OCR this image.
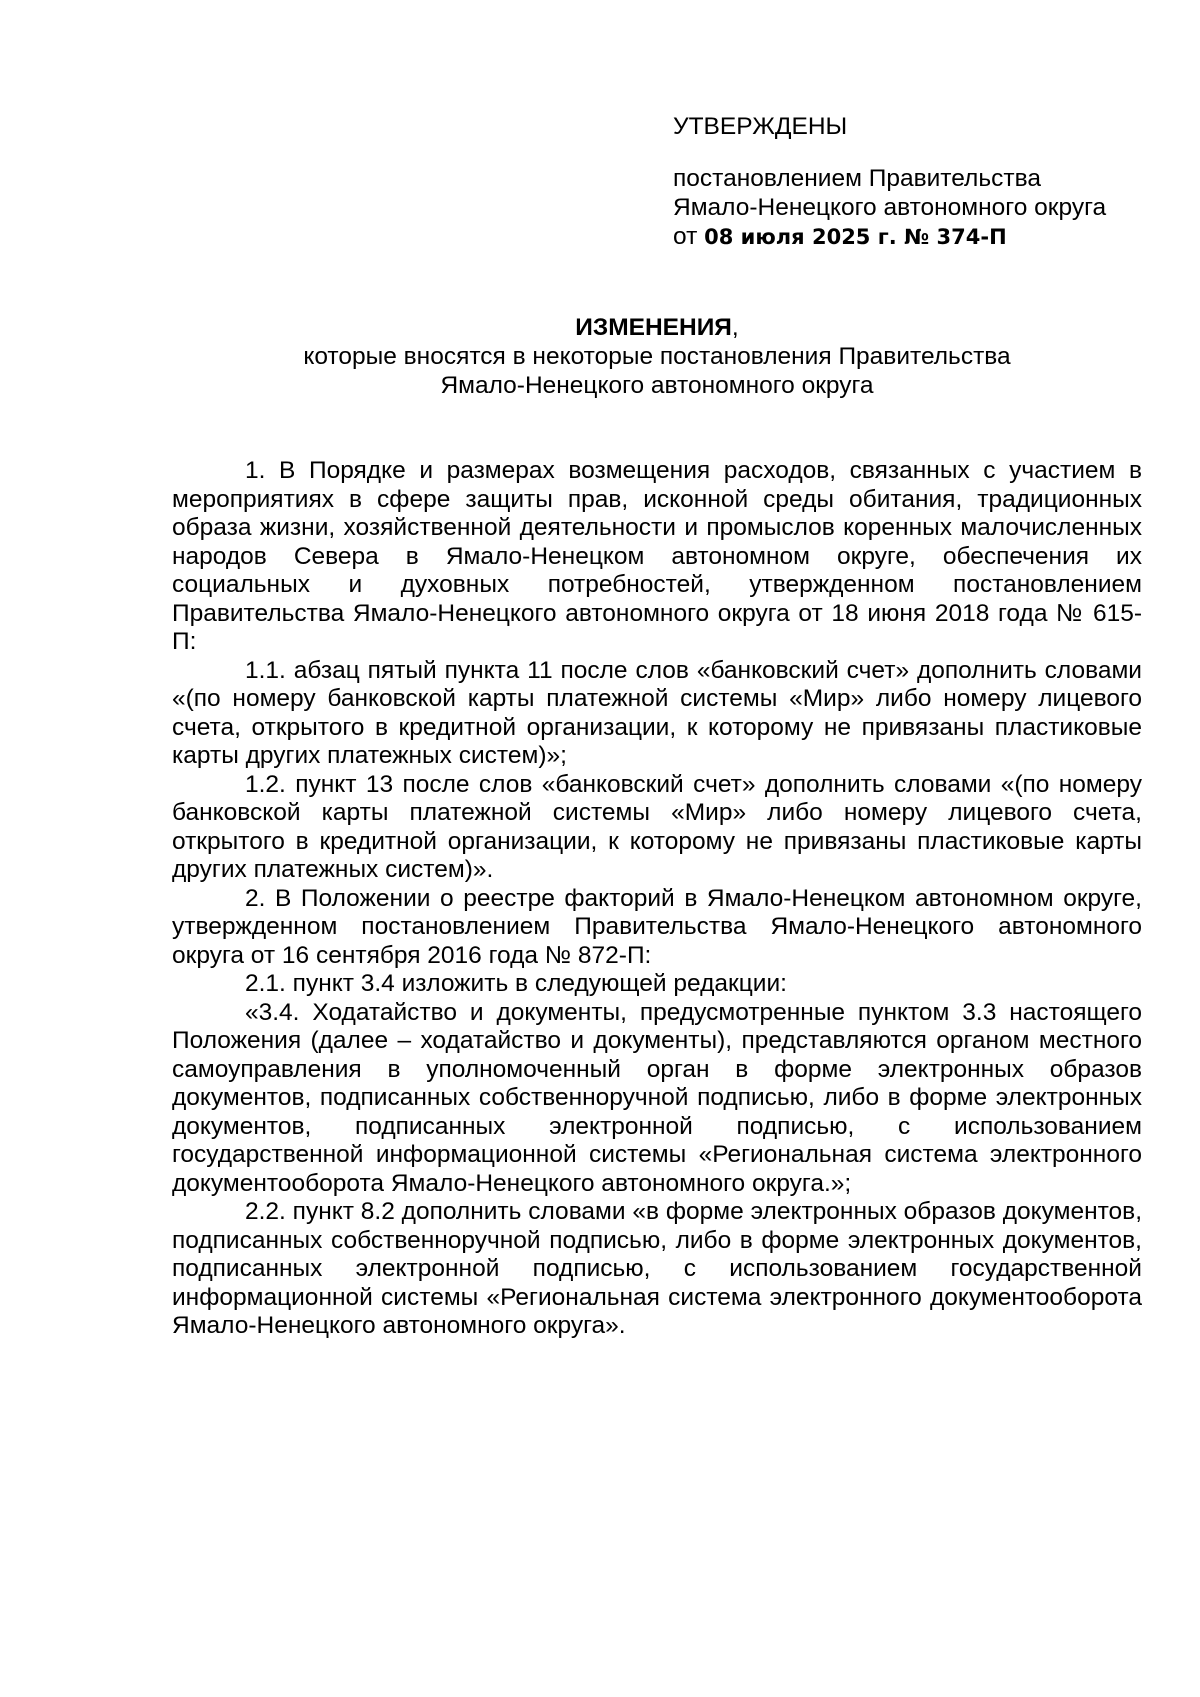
УТВЕРЖДЕНЫ
постановлением Правительства
Ямало-Ненецкого автономного округа
от 08 июля 2025 г. № 374-П
ИЗМЕНЕНИЯ,
которые вносятся в некоторые постановления Правительства
Ямало-Ненецкого автономного округа

1. В Порядке и размерах возмещения расходов, связанных с участием в мероприятиях в сфере защиты прав, исконной среды обитания, традиционных образа жизни, хозяйственной деятельности и промыслов коренных малочисленных народов Севера в Ямало-Ненецком автономном округе, обеспечения их социальных и духовных потребностей, утвержденном постановлением Правительства Ямало-Ненецкого автономного округа от 18 июня 2018 года № 615-П:

1.1. абзац пятый пункта 11 после слов «банковский счет» дополнить словами «(по номеру банковской карты платежной системы «Мир» либо номеру лицевого счета, открытого в кредитной организации, к которому не привязаны пластиковые карты других платежных систем)»;

1.2. пункт 13 после слов «банковский счет» дополнить словами «(по номеру банковской карты платежной системы «Мир» либо номеру лицевого счета, открытого в кредитной организации, к которому не привязаны пластиковые карты других платежных систем)».

2. В Положении о реестре факторий в Ямало-Ненецком автономном округе, утвержденном постановлением Правительства Ямало-Ненецкого автономного округа от 16 сентября 2016 года № 872-П:

2.1. пункт 3.4 изложить в следующей редакции:

«3.4. Ходатайство и документы, предусмотренные пунктом 3.3 настоящего Положения (далее – ходатайство и документы), представляются органом местного самоуправления в уполномоченный орган в форме электронных образов документов, подписанных собственноручной подписью, либо в форме электронных документов, подписанных электронной подписью, с использованием государственной информационной системы «Региональная система электронного документооборота Ямало-Ненецкого автономного округа.»;

2.2. пункт 8.2 дополнить словами «в форме электронных образов документов, подписанных собственноручной подписью, либо в форме электронных документов, подписанных электронной подписью, с использованием государственной информационной системы «Региональная система электронного документооборота Ямало-Ненецкого автономного округа».
